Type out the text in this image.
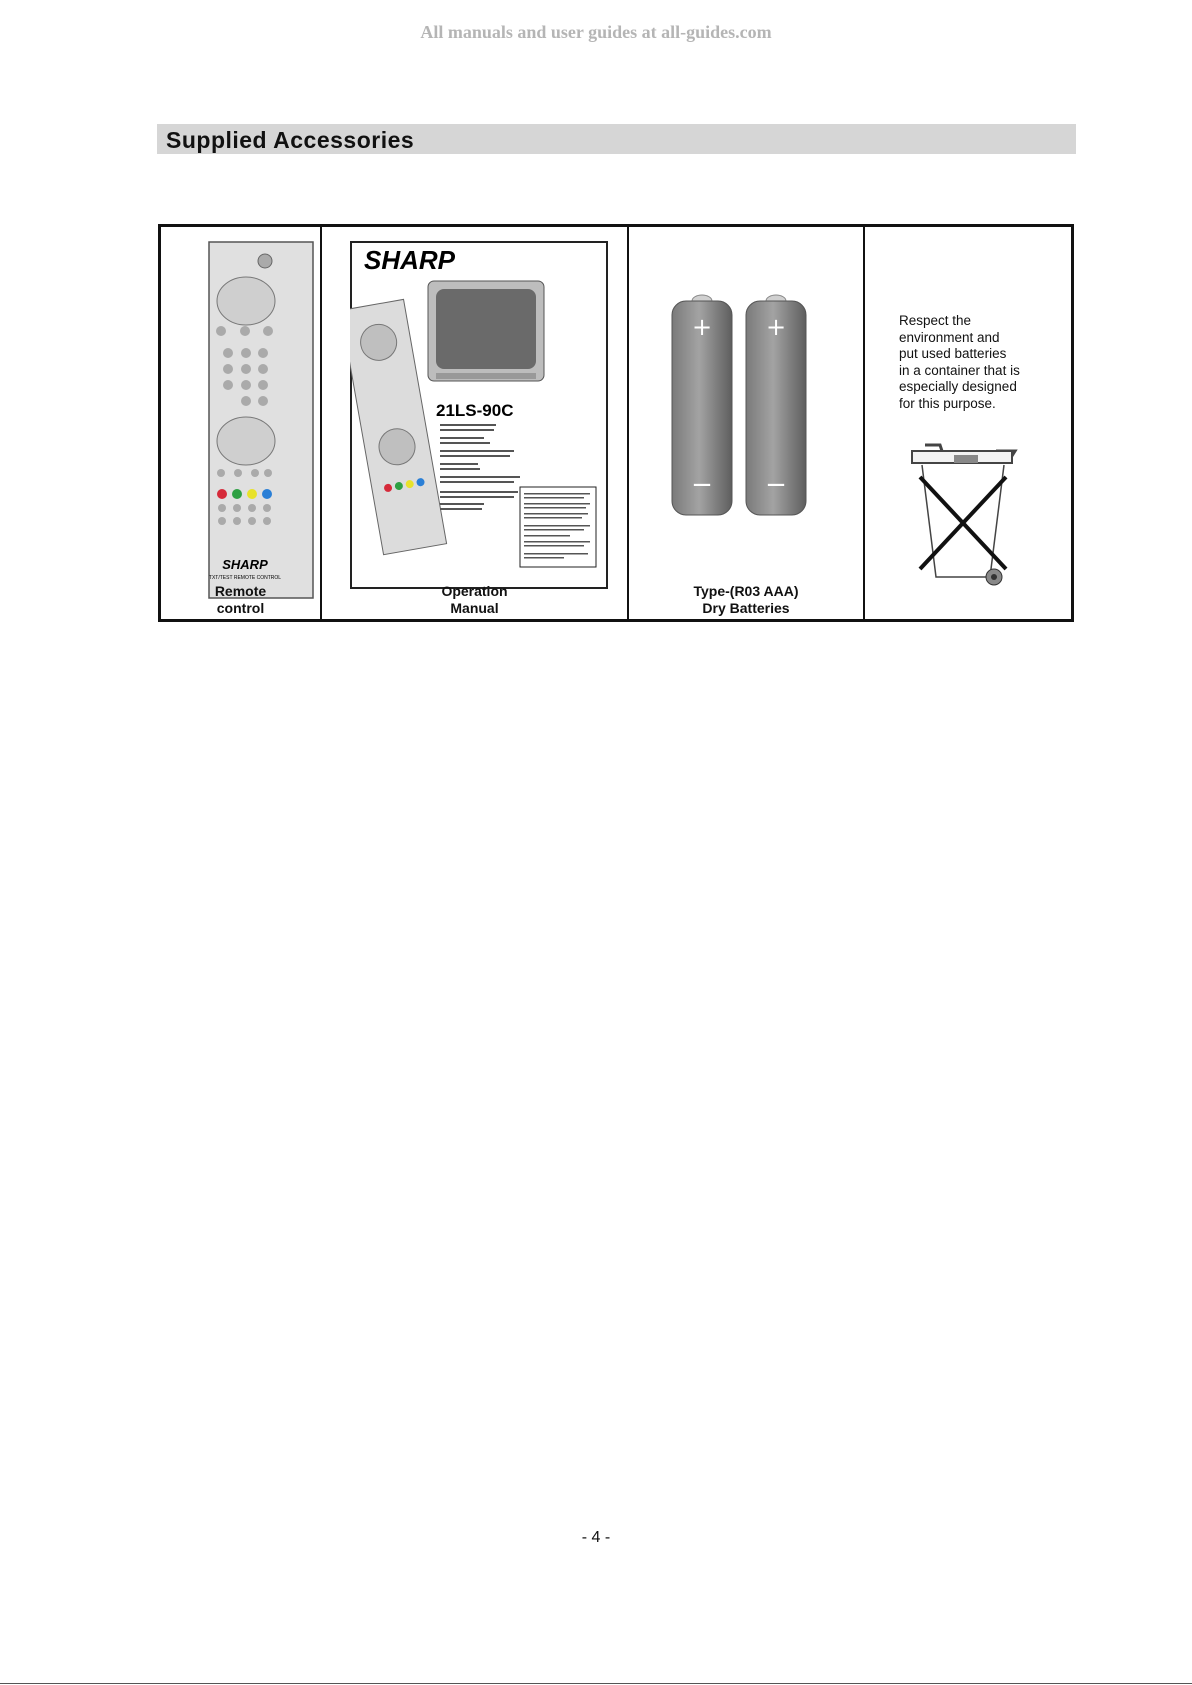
All manuals and user guides at all-guides.com
Supplied Accessories
SHARP
TXT/TEST REMOTE CONTROL
Remote
control
SHARP
21LS-90C
Operation
Manual
+
−
+
−
Type-(R03 AAA)
Dry Batteries
Respect the
environment and
put used batteries
in a container that is
especially designed
for this purpose.
- 4 -
